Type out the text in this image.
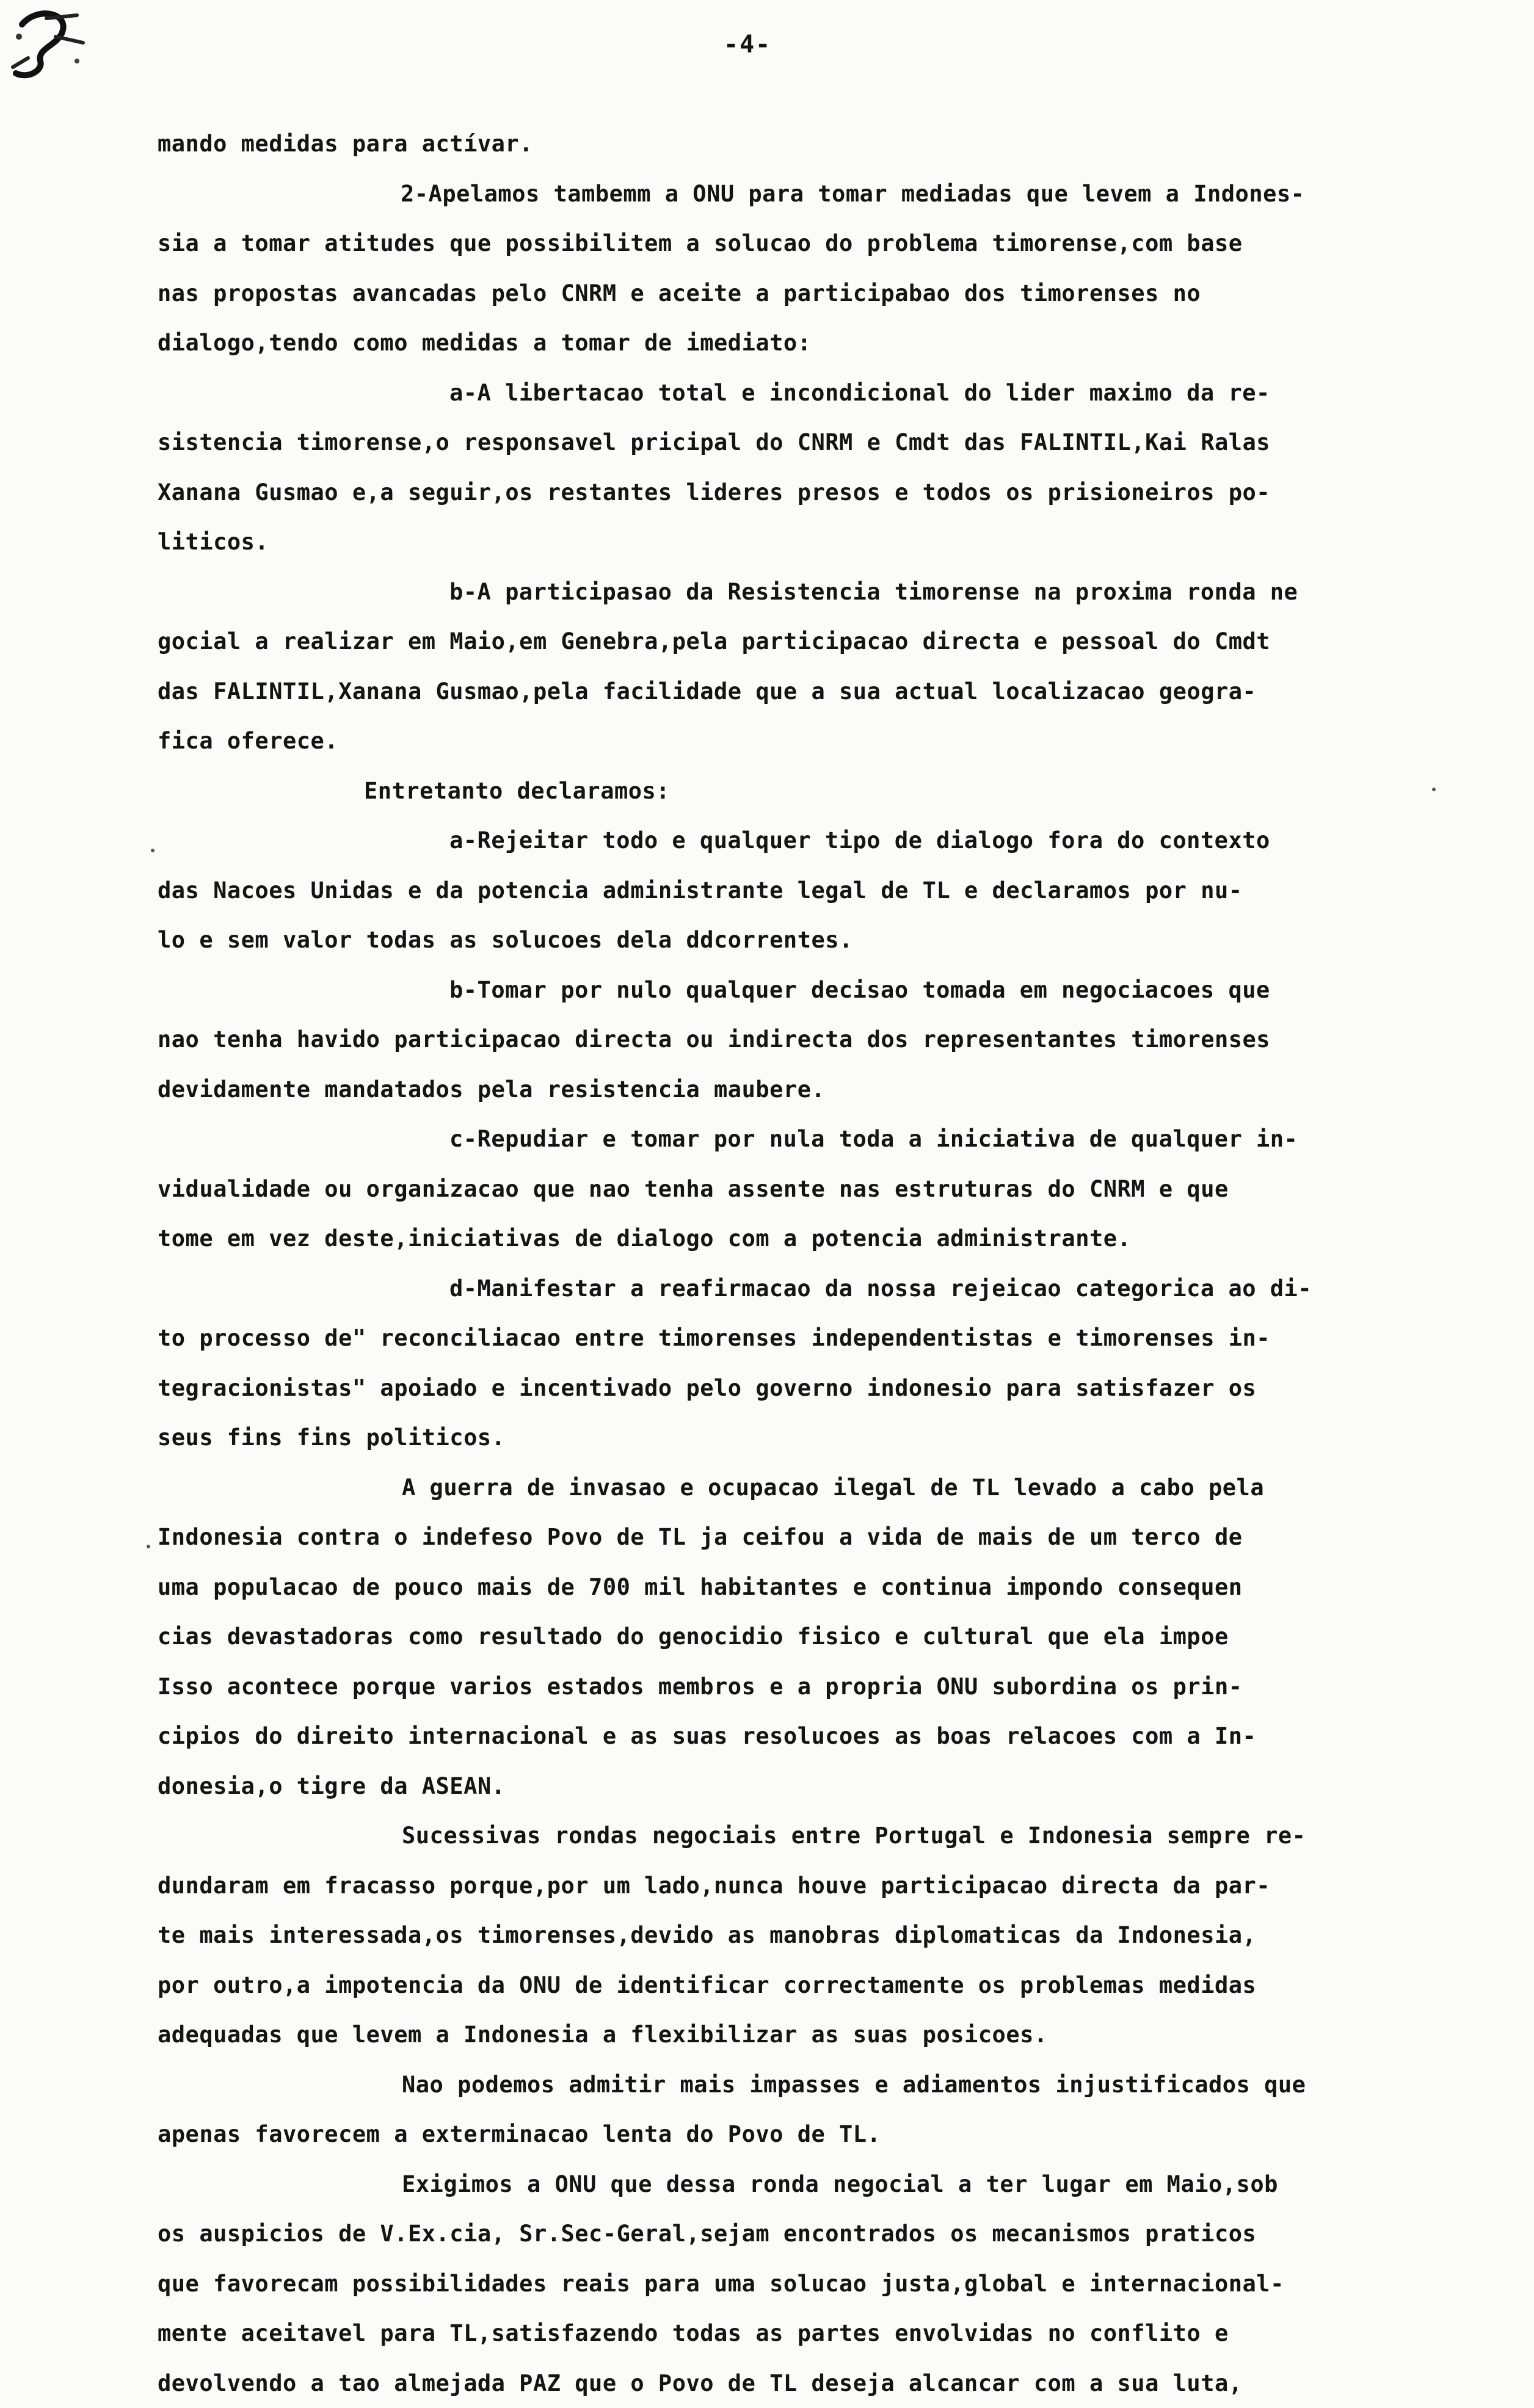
-4-
mando medidas para actívar.
2-Apelamos tambemm a ONU para tomar mediadas que levem a Indones-
sia a tomar atitudes que possibilitem a solucao do problema timorense,com base
nas propostas avancadas pelo CNRM e aceite a participabao dos timorenses no
dialogo,tendo como medidas a tomar de imediato:
a-A libertacao total e incondicional do lider maximo da re-
sistencia timorense,o responsavel pricipal do CNRM e Cmdt das FALINTIL,Kai Ralas
Xanana Gusmao e,a seguir,os restantes lideres presos e todos os prisioneiros po-
liticos.
b-A participasao da Resistencia timorense na proxima ronda ne
gocial a realizar em Maio,em Genebra,pela participacao directa e pessoal do Cmdt
das FALINTIL,Xanana Gusmao,pela facilidade que a sua actual localizacao geogra-
fica oferece.
Entretanto declaramos:
a-Rejeitar todo e qualquer tipo de dialogo fora do contexto
das Nacoes Unidas e da potencia administrante legal de TL e declaramos por nu-
lo e sem valor todas as solucoes dela ddcorrentes.
b-Tomar por nulo qualquer decisao tomada em negociacoes que
nao tenha havido participacao directa ou indirecta dos representantes timorenses
devidamente mandatados pela resistencia maubere.
c-Repudiar e tomar por nula toda a iniciativa de qualquer in-
vidualidade ou organizacao que nao tenha assente nas estruturas do CNRM e que
tome em vez deste,iniciativas de dialogo com a potencia administrante.
d-Manifestar a reafirmacao da nossa rejeicao categorica ao di-
to processo de" reconciliacao entre timorenses independentistas e timorenses in-
tegracionistas" apoiado e incentivado pelo governo indonesio para satisfazer os
seus fins fins politicos.
A guerra de invasao e ocupacao ilegal de TL levado a cabo pela
Indonesia contra o indefeso Povo de TL ja ceifou a vida de mais de um terco de
uma populacao de pouco mais de 700 mil habitantes e continua impondo consequen
cias devastadoras como resultado do genocidio fisico e cultural que ela impoe
Isso acontece porque varios estados membros e a propria ONU subordina os prin-
cipios do direito internacional e as suas resolucoes as boas relacoes com a In-
donesia,o tigre da ASEAN.
Sucessivas rondas negociais entre Portugal e Indonesia sempre re-
dundaram em fracasso porque,por um lado,nunca houve participacao directa da par-
te mais interessada,os timorenses,devido as manobras diplomaticas da Indonesia,
por outro,a impotencia da ONU de identificar correctamente os problemas medidas
adequadas que levem a Indonesia a flexibilizar as suas posicoes.
Nao podemos admitir mais impasses e adiamentos injustificados que
apenas favorecem a exterminacao lenta do Povo de TL.
Exigimos a ONU que dessa ronda negocial a ter lugar em Maio,sob
os auspicios de V.Ex.cia, Sr.Sec-Geral,sejam encontrados os mecanismos praticos
que favorecam possibilidades reais para uma solucao justa,global e internacional-
mente aceitavel para TL,satisfazendo todas as partes envolvidas no conflito e
devolvendo a tao almejada PAZ que o Povo de TL deseja alcancar com a sua luta,
